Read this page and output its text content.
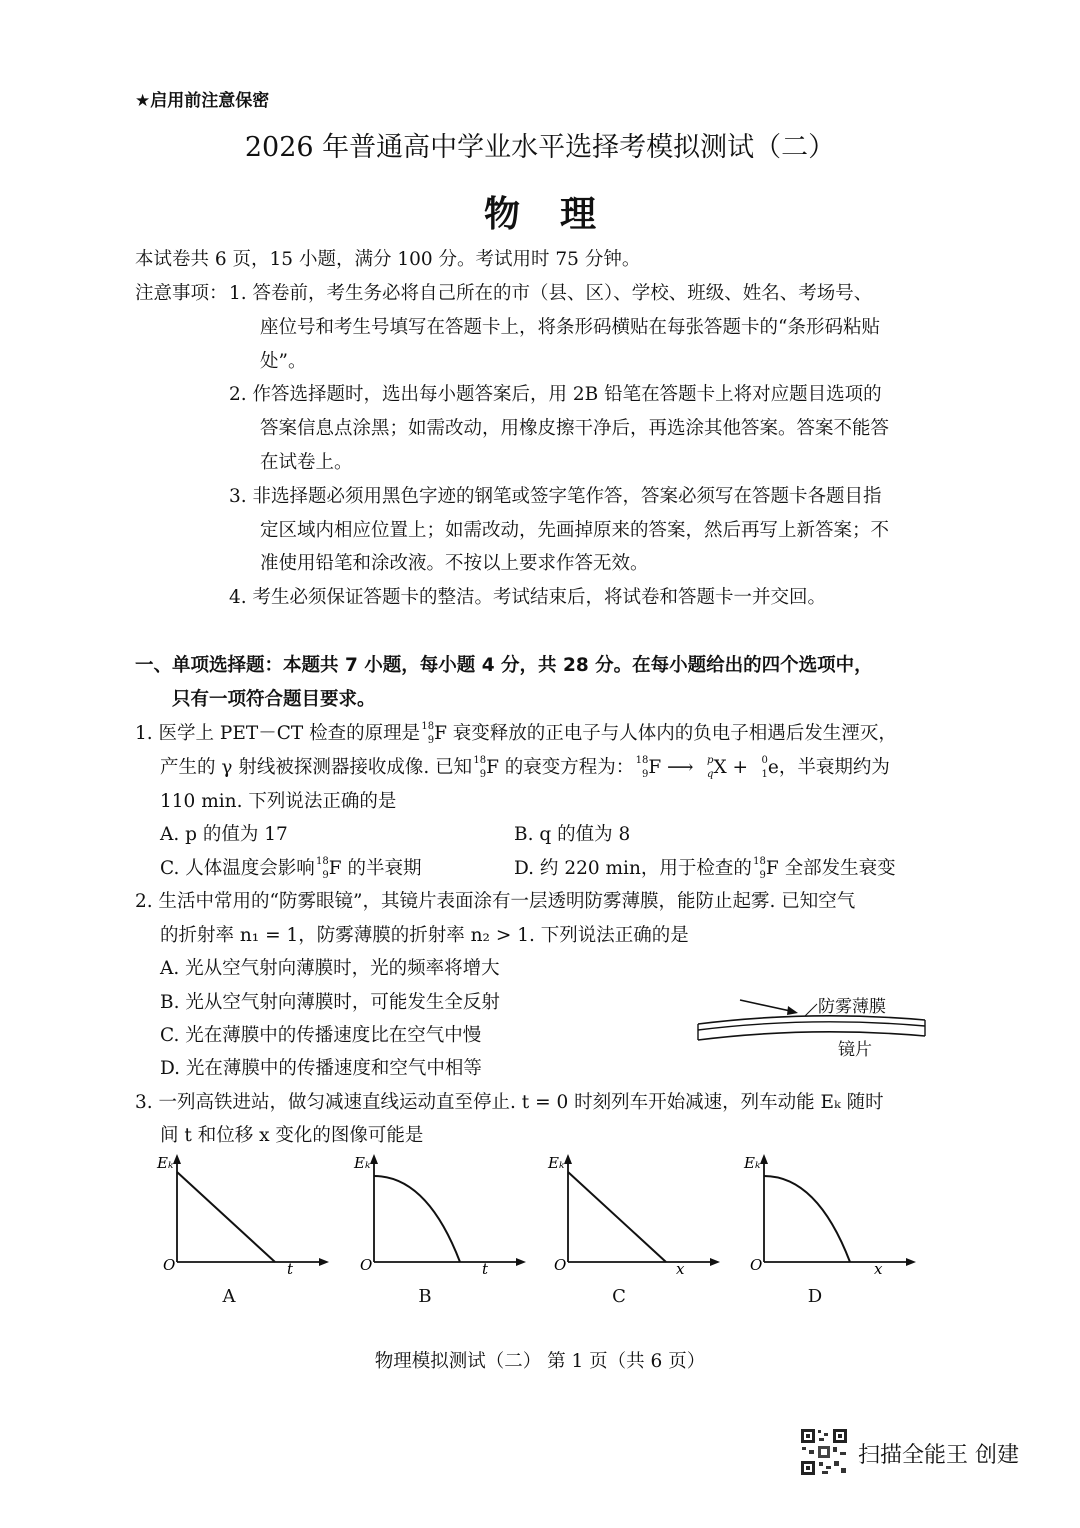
★启用前注意保密
2026 年普通高中学业水平选择考模拟测试（二）
物理
本试卷共 6 页，15 小题，满分 100 分。考试用时 75 分钟。
注意事项： 1. 答卷前，考生务必将自己所在的市（县、区）、学校、班级、姓名、考场号、
座位号和考生号填写在答题卡上，将条形码横贴在每张答题卡的“条形码粘贴
处”。
2. 作答选择题时，选出每小题答案后，用 2B 铅笔在答题卡上将对应题目选项的
答案信息点涂黑；如需改动，用橡皮擦干净后，再选涂其他答案。答案不能答
在试卷上。
3. 非选择题必须用黑色字迹的钢笔或签字笔作答，答案必须写在答题卡各题目指
定区域内相应位置上；如需改动，先画掉原来的答案，然后再写上新答案；不
准使用铅笔和涂改液。不按以上要求作答无效。
4. 考生必须保证答题卡的整洁。考试结束后，将试卷和答题卡一并交回。
一、单项选择题：本题共 7 小题，每小题 4 分，共 28 分。在每小题给出的四个选项中，
只有一项符合题目要求。
1. 医学上 PET－CT 检查的原理是 18
9 F 衰变释放的正电子与人体内的负电子相遇后发生湮灭，
产生的 γ 射线被探测器接收成像. 已知 18
9 F 的衰变方程为： 18
9 F ⟶ p
q X + 0
1 e，半衰期约为
110 min. 下列说法正确的是
A. p 的值为 17	B. q 的值为 8
C. 人体温度会影响 18
9 F 的半衰期	D. 约 220 min，用于检查的 18
9 F 全部发生衰变
2. 生活中常用的“防雾眼镜”，其镜片表面涂有一层透明防雾薄膜，能防止起雾. 已知空气
的折射率 n₁ = 1，防雾薄膜的折射率 n₂ > 1. 下列说法正确的是
A. 光从空气射向薄膜时，光的频率将增大
B. 光从空气射向薄膜时，可能发生全反射
C. 光在薄膜中的传播速度比在空气中慢
D. 光在薄膜中的传播速度和空气中相等
防雾薄膜
镜片
3. 一列高铁进站，做匀减速直线运动直至停止. t = 0 时刻列车开始减速，列车动能 Eₖ 随时
间 t 和位移 x 变化的图像可能是
Eₖ
O	t
Eₖ
O	t
Eₖ
O	x
Eₖ
O	x
A	B	C	D
物理模拟测试（二） 第 1 页（共 6 页）
扫描全能王 创建
